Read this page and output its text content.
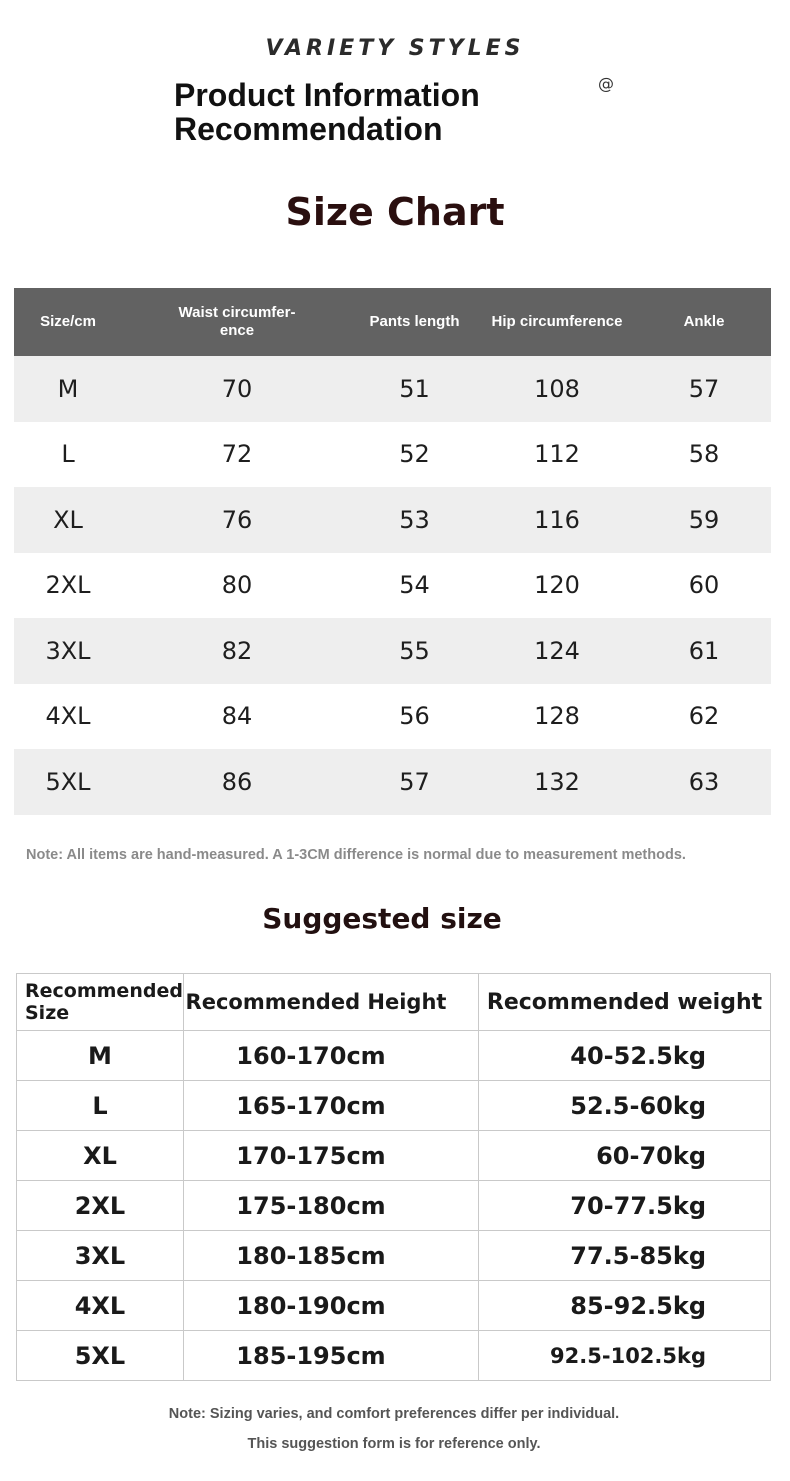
VARIETY STYLES
Product Information
Recommendation
@
Size Chart
Size/cm	Waist circumfer-ence	Pants length	Hip circumference	Ankle
M	70	51	108	57
L	72	52	112	58
XL	76	53	116	59
2XL	80	54	120	60
3XL	82	55	124	61
4XL	84	56	128	62
5XL	86	57	132	63
Note: All items are hand-measured. A 1-3CM difference is normal due to measurement methods.
Suggested size
Recommended Size	Recommended Height	Recommended weight
M	160-170cm	40-52.5kg
L	165-170cm	52.5-60kg
XL	170-175cm	60-70kg
2XL	175-180cm	70-77.5kg
3XL	180-185cm	77.5-85kg
4XL	180-190cm	85-92.5kg
5XL	185-195cm	92.5-102.5kg
Note: Sizing varies, and comfort preferences differ per individual.
This suggestion form is for reference only.
